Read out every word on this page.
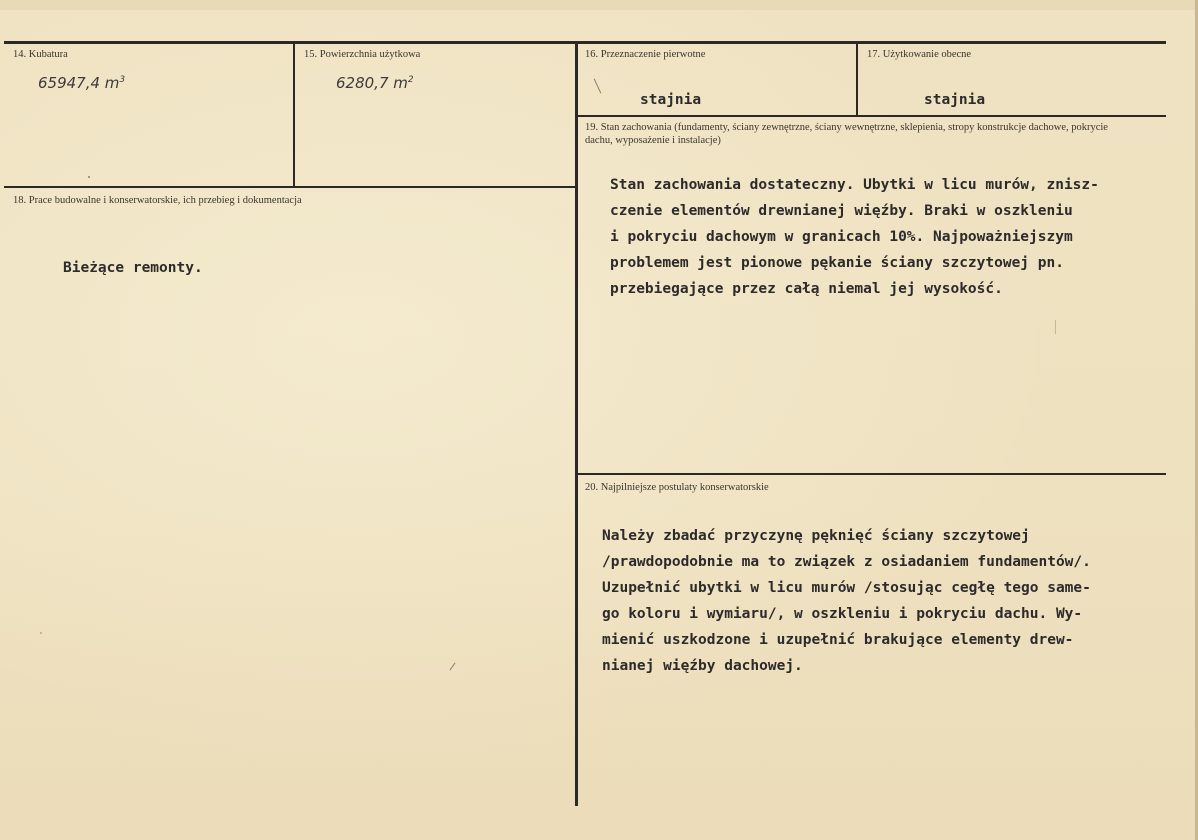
14. Kubatura
65947,4 $m^3$
15. Powierzchnia użytkowa
6280,7 $m^2$
16. Przeznaczenie pierwotne
stajnia
17. Użytkowanie obecne
stajnia
19. Stan zachowania (fundamenty, ściany zewnętrzne, ściany wewnętrzne, sklepienia, stropy konstrukcje dachowe, pokrycie dachu, wyposażenie i instalacje)
Stan zachowania dostateczny. Ubytki w licu murów, znisz-
czenie elementów drewnianej więźby. Braki w oszkleniu
i pokryciu dachowym w granicach 10%. Najpoważniejszym
problemem jest pionowe pękanie ściany szczytowej pn.
przebiegające przez całą niemal jej wysokość.
18. Prace budowalne i konserwatorskie, ich przebieg i dokumentacja
Bieżące remonty.
20. Najpilniejsze postulaty konserwatorskie
Należy zbadać przyczynę pęknięć ściany szczytowej
/prawdopodobnie ma to związek z osiadaniem fundamentów/.
Uzupełnić ubytki w licu murów /stosując cegłę tego same-
go koloru i wymiaru/, w oszkleniu i pokryciu dachu. Wy-
mienić uszkodzone i uzupełnić brakujące elementy drew-
nianej więźby dachowej.
